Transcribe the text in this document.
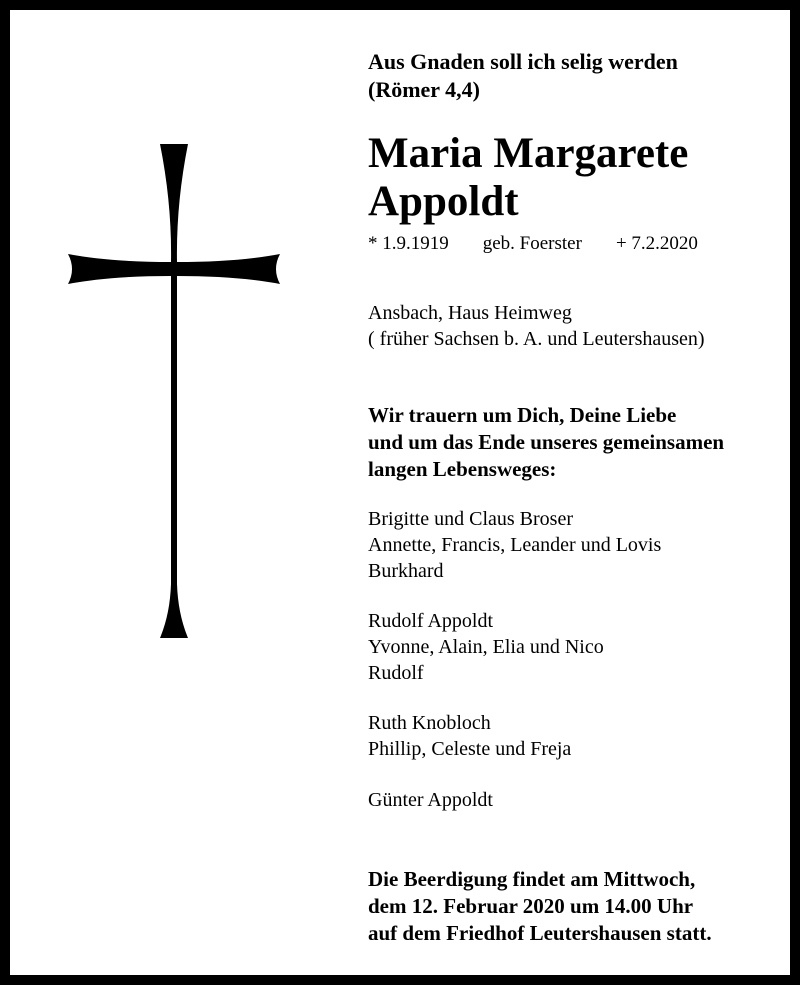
Aus Gnaden soll ich selig werden
(Römer 4,4)
Maria Margarete
Appoldt
* 1.9.1919 geb. Foerster + 7.2.2020
Ansbach, Haus Heimweg
( früher Sachsen b. A. und Leutershausen)
Wir trauern um Dich, Deine Liebe
und um das Ende unseres gemeinsamen
langen Lebensweges:
Brigitte und Claus Broser
Annette, Francis, Leander und Lovis
Burkhard
Rudolf Appoldt
Yvonne, Alain, Elia und Nico
Rudolf
Ruth Knobloch
Phillip, Celeste und Freja
Günter Appoldt
Die Beerdigung findet am Mittwoch,
dem 12. Februar 2020 um 14.00 Uhr
auf dem Friedhof Leutershausen statt.
